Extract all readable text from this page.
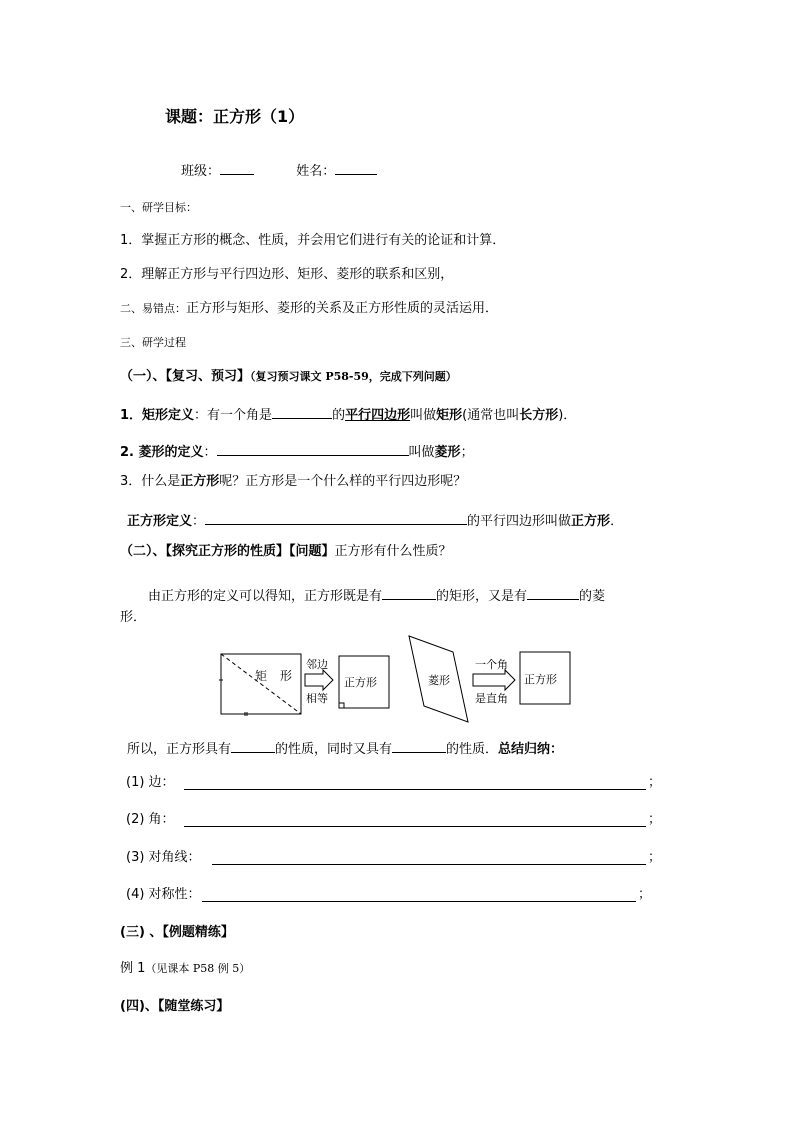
课题：正方形（1）
班级：	姓名：
一、研学目标：
1．掌握正方形的概念、性质，并会用它们进行有关的论证和计算．
2．理解正方形与平行四边形、矩形、菱形的联系和区别，
二、易错点：正方形与矩形、菱形的关系及正方形性质的灵活运用．
三、研学过程
（一）、【复习、预习】（复习预习课文 P58-59，完成下列问题）
1．矩形定义：有一个角是	的平行四边形叫做矩形(通常也叫长方形)．
2. 菱形的定义：	叫做菱形；
3．什么是正方形呢？正方形是一个什么样的平行四边形呢？
正方形定义：	的平行四边形叫做正方形．
（二）、【探究正方形的性质】【问题】正方形有什么性质？
由正方形的定义可以得知，正方形既是有	的矩形，又是有	的菱
形．
矩 形
邻边
相等
正方形	菱形
一个角
是直角
正方形
所以，正方形具有	的性质，同时又具有	的性质．总结归纳：
(1) 边：	；
(2) 角：	；
(3) 对角线：	；
(4) 对称性：	；
(三) 、【例题精练】
例 1（见课本 P58 例 5）
(四)、【随堂练习】
